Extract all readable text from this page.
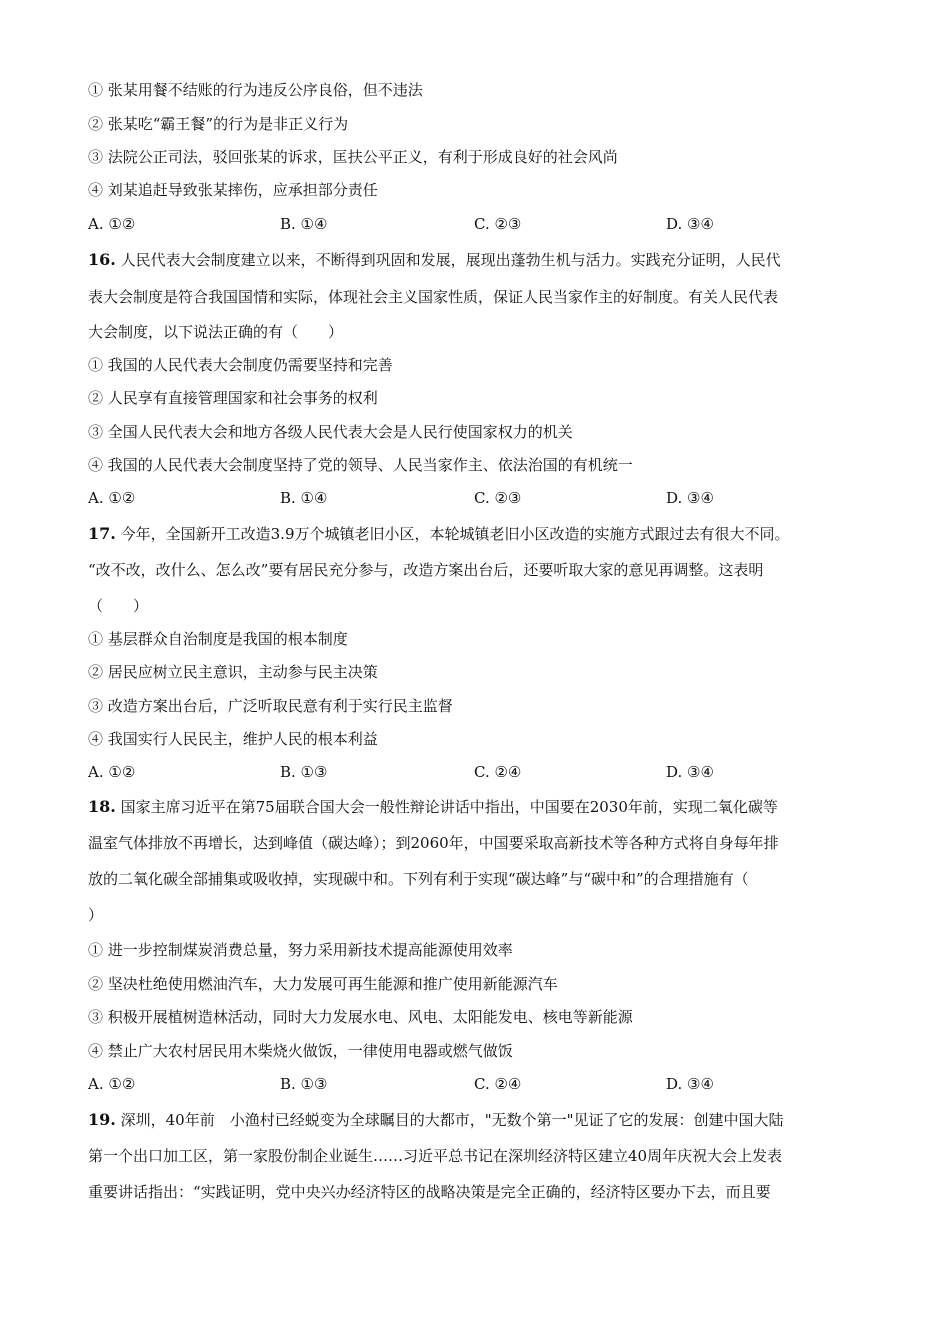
① 张某用餐不结账的行为违反公序良俗，但不违法
② 张某吃“霸王餐”的行为是非正义行为
③ 法院公正司法，驳回张某的诉求，匡扶公平正义，有利于形成良好的社会风尚
④ 刘某追赶导致张某摔伤，应承担部分责任
A. ①②	B. ①④	C. ②③	D. ③④
16. 人民代表大会制度建立以来，不断得到巩固和发展，展现出蓬勃生机与活力。实践充分证明，人民代
表大会制度是符合我国国情和实际，体现社会主义国家性质，保证人民当家作主的好制度。有关人民代表
大会制度，以下说法正确的有（　　）
① 我国的人民代表大会制度仍需要坚持和完善
② 人民享有直接管理国家和社会事务的权利
③ 全国人民代表大会和地方各级人民代表大会是人民行使国家权力的机关
④ 我国的人民代表大会制度坚持了党的领导、人民当家作主、依法治国的有机统一
A. ①②	B. ①④	C. ②③	D. ③④
17. 今年，全国新开工改造3.9万个城镇老旧小区，本轮城镇老旧小区改造的实施方式跟过去有很大不同。
“改不改，改什么、怎么改”要有居民充分参与，改造方案出台后，还要听取大家的意见再调整。这表明
（　　）
① 基层群众自治制度是我国的根本制度
② 居民应树立民主意识，主动参与民主决策
③ 改造方案出台后，广泛听取民意有利于实行民主监督
④ 我国实行人民民主，维护人民的根本利益
A. ①②	B. ①③	C. ②④	D. ③④
18. 国家主席习近平在第75届联合国大会一般性辩论讲话中指出，中国要在2030年前，实现二氧化碳等
温室气体排放不再增长，达到峰值（碳达峰）；到2060年，中国要采取高新技术等各种方式将自身每年排
放的二氧化碳全部捕集或吸收掉，实现碳中和。下列有利于实现“碳达峰”与“碳中和”的合理措施有（
）
① 进一步控制煤炭消费总量，努力采用新技术提高能源使用效率
② 坚决杜绝使用燃油汽车，大力发展可再生能源和推广使用新能源汽车
③ 积极开展植树造林活动，同时大力发展水电、风电、太阳能发电、核电等新能源
④ 禁止广大农村居民用木柴烧火做饭，一律使用电器或燃气做饭
A. ①②	B. ①③	C. ②④	D. ③④
19. 深圳，40年前　小渔村已经蜕变为全球瞩目的大都市，"无数个第一"见证了它的发展：创建中国大陆
第一个出口加工区，第一家股份制企业诞生……习近平总书记在深圳经济特区建立40周年庆祝大会上发表
重要讲话指出：“实践证明，党中央兴办经济特区的战略决策是完全正确的，经济特区要办下去，而且要
